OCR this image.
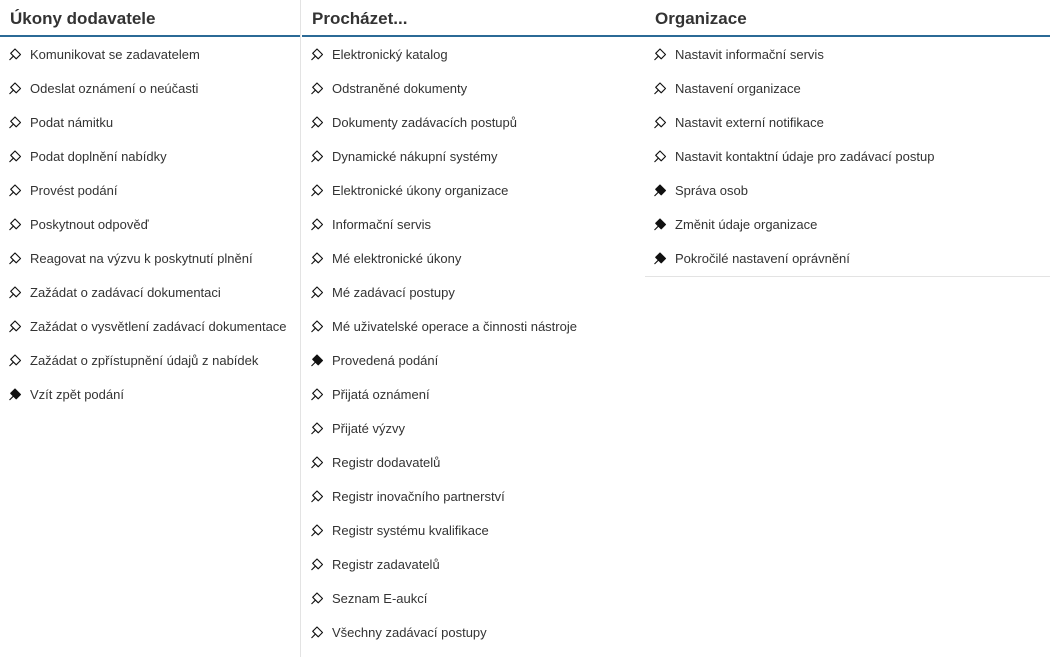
Úkony dodavatele
Komunikovat se zadavatelem
Odeslat oznámení o neúčasti
Podat námitku
Podat doplnění nabídky
Provést podání
Poskytnout odpověď
Reagovat na výzvu k poskytnutí plnění
Zažádat o zadávací dokumentaci
Zažádat o vysvětlení zadávací dokumentace
Zažádat o zpřístupnění údajů z nabídek
Vzít zpět podání
Procházet...
Elektronický katalog
Odstraněné dokumenty
Dokumenty zadávacích postupů
Dynamické nákupní systémy
Elektronické úkony organizace
Informační servis
Mé elektronické úkony
Mé zadávací postupy
Mé uživatelské operace a činnosti nástroje
Provedená podání
Přijatá oznámení
Přijaté výzvy
Registr dodavatelů
Registr inovačního partnerství
Registr systému kvalifikace
Registr zadavatelů
Seznam E-aukcí
Všechny zadávací postupy
Organizace
Nastavit informační servis
Nastavení organizace
Nastavit externí notifikace
Nastavit kontaktní údaje pro zadávací postup
Správa osob
Změnit údaje organizace
Pokročilé nastavení oprávnění
